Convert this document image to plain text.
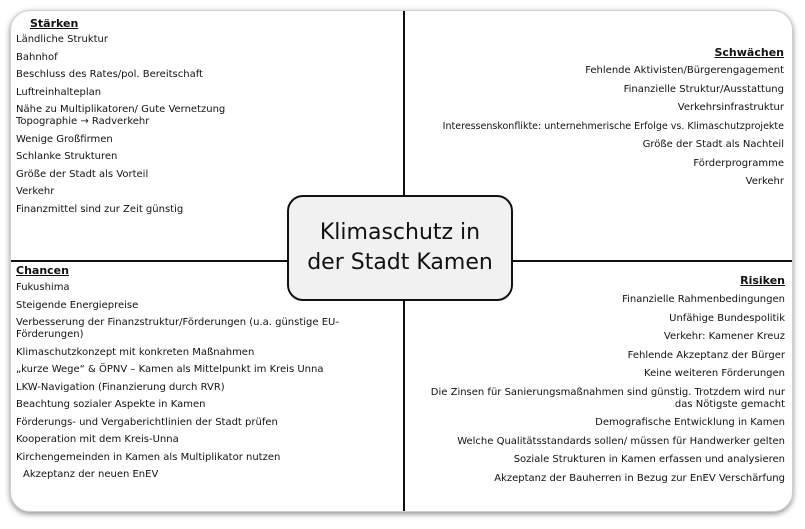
Stärken
Ländliche Struktur
Bahnhof
Beschluss des Rates/pol. Bereitschaft
Luftreinhalteplan
Nähe zu Multiplikatoren/ Gute Vernetzung
Topographie → Radverkehr
Wenige Großfirmen
Schlanke Strukturen
Größe der Stadt als Vorteil
Verkehr
Finanzmittel sind zur Zeit günstig
Schwächen
Fehlende Aktivisten/Bürgerengagement
Finanzielle Struktur/Ausstattung
Verkehrsinfrastruktur
Interessenskonflikte: unternehmerische Erfolge vs. Klimaschutzprojekte
Größe der Stadt als Nachteil
Förderprogramme
Verkehr
Chancen
Fukushima
Steigende Energiepreise
Verbesserung der Finanzstruktur/Förderungen (u.a. günstige EU-Förderungen)
Klimaschutzkonzept mit konkreten Maßnahmen
„kurze Wege“ & ÖPNV – Kamen als Mittelpunkt im Kreis Unna
LKW-Navigation (Finanzierung durch RVR)
Beachtung sozialer Aspekte in Kamen
Förderungs- und Vergaberichtlinien der Stadt prüfen
Kooperation mit dem Kreis-Unna
Kirchengemeinden in Kamen als Multiplikator nutzen
Akzeptanz der neuen EnEV
Risiken
Finanzielle Rahmenbedingungen
Unfähige Bundespolitik
Verkehr: Kamener Kreuz
Fehlende Akzeptanz der Bürger
Keine weiteren Förderungen
Die Zinsen für Sanierungsmaßnahmen sind günstig. Trotzdem wird nur das Nötigste gemacht
Demografische Entwicklung in Kamen
Welche Qualitätsstandards sollen/ müssen für Handwerker gelten
Soziale Strukturen in Kamen erfassen und analysieren
Akzeptanz der Bauherren in Bezug zur EnEV Verschärfung
Klimaschutz in
der Stadt Kamen
